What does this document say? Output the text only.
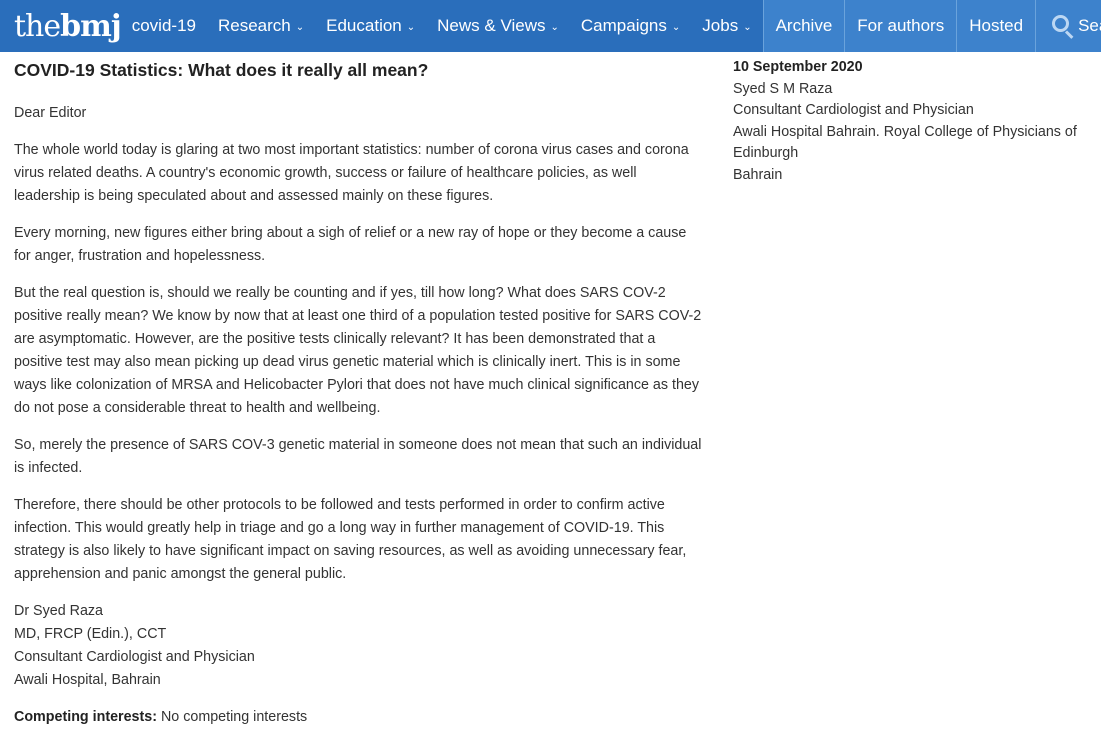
the bmj covid-19 Research ⌄ Education ⌄ News & Views ⌄ Campaigns ⌄ Jobs ⌄ Archive For authors Hosted	Sea
COVID-19 Statistics: What does it really all mean?

Dear Editor

The whole world today is glaring at two most important statistics: number of corona virus cases and corona virus related deaths. A country's economic growth, success or failure of healthcare policies, as well leadership is being speculated about and assessed mainly on these figures.

Every morning, new figures either bring about a sigh of relief or a new ray of hope or they become a cause for anger, frustration and hopelessness.

But the real question is, should we really be counting and if yes, till how long? What does SARS COV-2 positive really mean? We know by now that at least one third of a population tested positive for SARS COV-2 are asymptomatic. However, are the positive tests clinically relevant? It has been demonstrated that a positive test may also mean picking up dead virus genetic material which is clinically inert. This is in some ways like colonization of MRSA and Helicobacter Pylori that does not have much clinical significance as they do not pose a considerable threat to health and wellbeing.

So, merely the presence of SARS COV-3 genetic material in someone does not mean that such an individual is infected.

Therefore, there should be other protocols to be followed and tests performed in order to confirm active infection. This would greatly help in triage and go a long way in further management of COVID-19. This strategy is also likely to have significant impact on saving resources, as well as avoiding unnecessary fear, apprehension and panic amongst the general public.

Dr Syed Raza
MD, FRCP (Edin.), CCT
Consultant Cardiologist and Physician
Awali Hospital, Bahrain

Competing interests: No competing interests

10 September 2020
Syed S M Raza
Consultant Cardiologist and Physician
Awali Hospital Bahrain. Royal College of Physicians of Edinburgh
Bahrain
